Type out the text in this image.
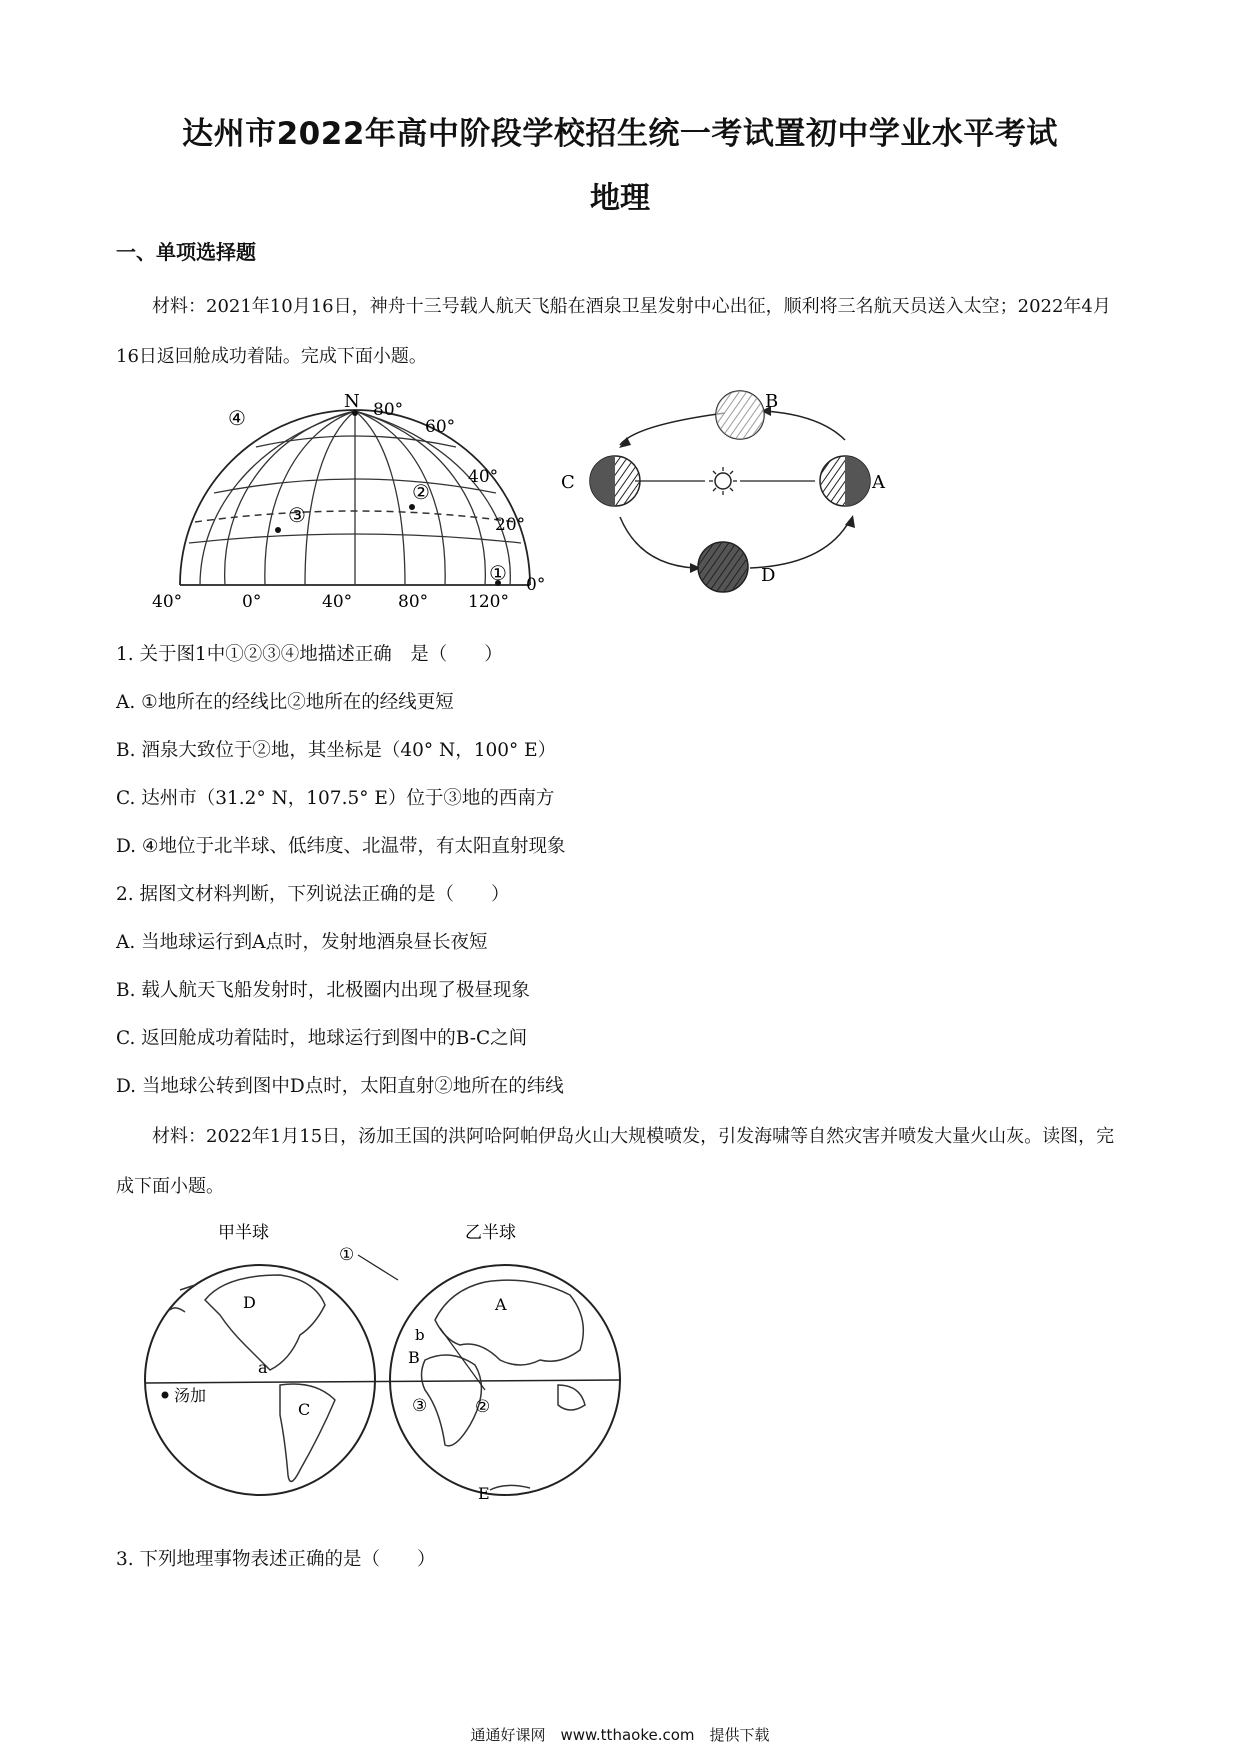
达州市2022年高中阶段学校招生统一考试置初中学业水平考试
地理
一、单项选择题
材料：2021年10月16日，神舟十三号载人航天飞船在酒泉卫星发射中心出征，顺利将三名航天员送入太空；2022年4月16日返回舱成功着陆。完成下面小题。
N 80°
60°
40°
20°
0°
40°	0°	40°	80° 120°
①
②
③
④
B
A
C
D
1. 关于图1中①②③④地描述正确　是（　　）
A. ①地所在的经线比②地所在的经线更短
B. 酒泉大致位于②地，其坐标是（40° N，100° E）
C. 达州市（31.2° N，107.5° E）位于③地的西南方
D. ④地位于北半球、低纬度、北温带，有太阳直射现象
2. 据图文材料判断，下列说法正确的是（　　）
A. 当地球运行到A点时，发射地酒泉昼长夜短
B. 载人航天飞船发射时，北极圈内出现了极昼现象
C. 返回舱成功着陆时，地球运行到图中的B-C之间
D. 当地球公转到图中D点时，太阳直射②地所在的纬线
材料：2022年1月15日，汤加王国的洪阿哈阿帕伊岛火山大规模喷发，引发海啸等自然灾害并喷发大量火山灰。读图，完成下面小题。
甲半球	乙半球
D
a
C
汤加
①
b
A
B
③	②
E
3. 下列地理事物表述正确的是（　　）
通通好课网　www.tthaoke.com　提供下载
